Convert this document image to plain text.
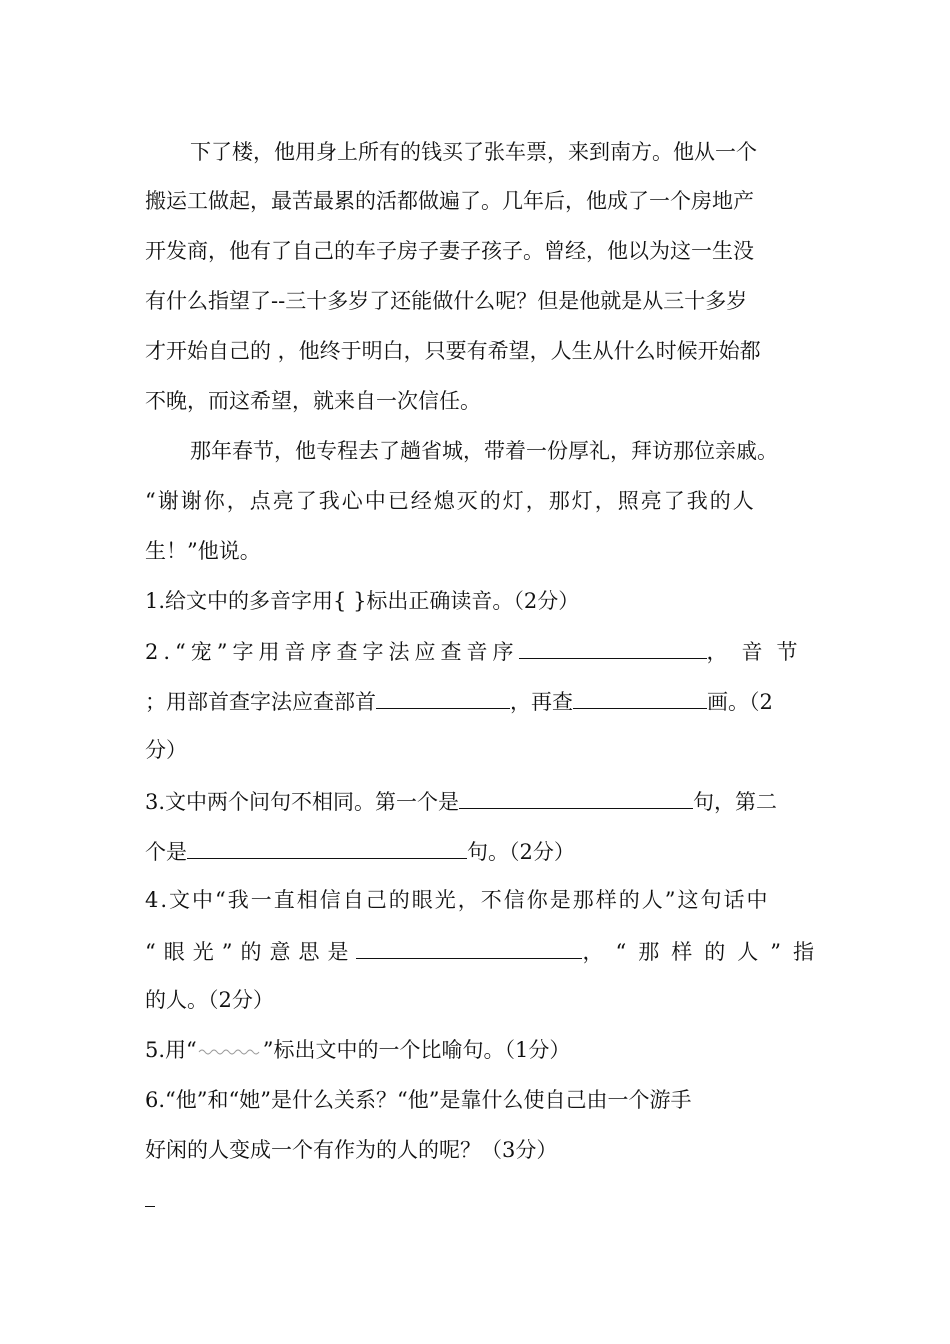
下了楼，他用身上所有的钱买了张车票，来到南方。他从一个
搬运工做起，最苦最累的活都做遍了。几年后，他成了一个房地产
开发商，他有了自己的车子房子妻子孩子。曾经，他以为这一生没
有什么指望了--三十多岁了还能做什么呢？但是他就是从三十多岁
才开始自己的 ，他终于明白，只要有希望，人生从什么时候开始都
不晚，而这希望，就来自一次信任。
那年春节，他专程去了趟省城，带着一份厚礼，拜访那位亲戚。
“谢谢你，点亮了我心中已经熄灭的灯，那灯，照亮了我的人
生！”他说。
1.给文中的多音字用{ }标出正确读音。（2分）
2.“宠”字用音序查字法应查音序	，音节
；用部首查字法应查部首	，再查	画。（2
分）
3.文中两个问句不相同。第一个是	句，第二
个是	句。（2分）
4.文中“我一直相信自己的眼光，不信你是那样的人”这句话中
“眼光”的意思是	，“那样的人”指
的人。（2分）
5.用“	”标出文中的一个比喻句。（1分）
6.“他”和“她”是什么关系？“他”是靠什么使自己由一个游手
好闲的人变成一个有作为的人的呢？（3分）
